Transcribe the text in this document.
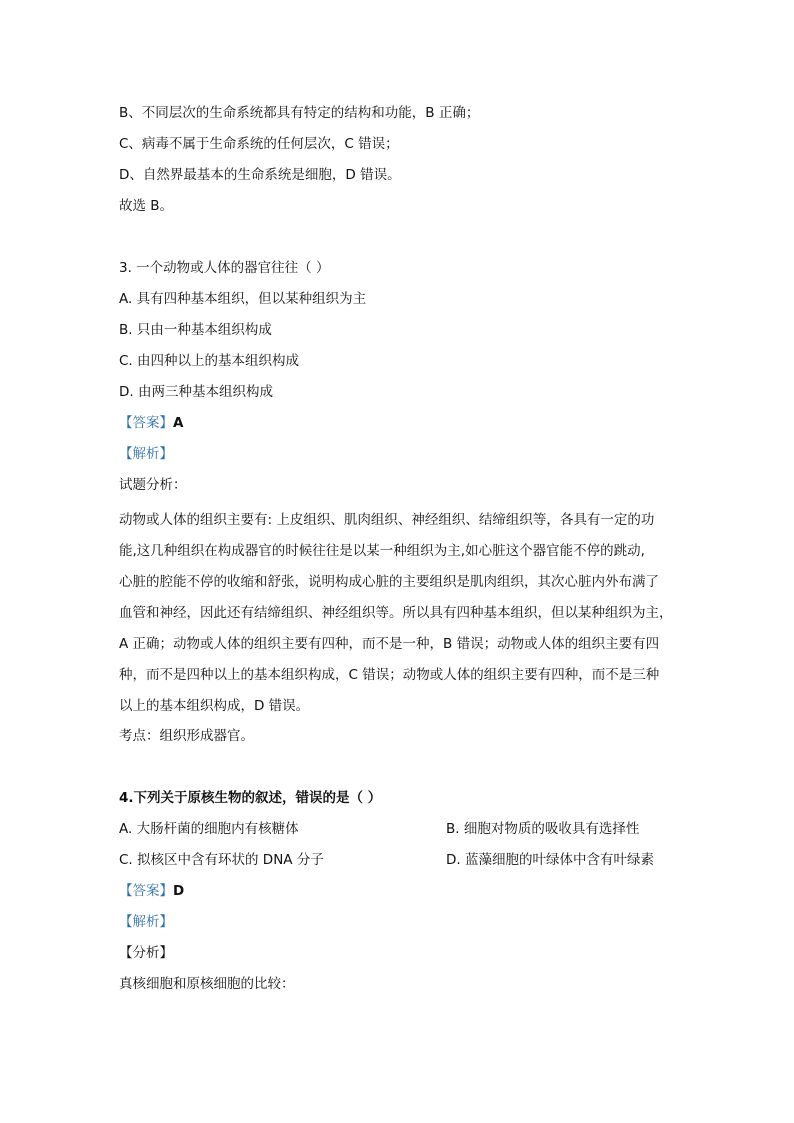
B、不同层次的生命系统都具有特定的结构和功能，B 正确；
C、病毒不属于生命系统的任何层次，C 错误；
D、自然界最基本的生命系统是细胞，D 错误。
故选 B。
3. 一个动物或人体的器官往往（ ）
A. 具有四种基本组织，但以某种组织为主
B. 只由一种基本组织构成
C. 由四种以上的基本组织构成
D. 由两三种基本组织构成
【答案】A
【解析】
试题分析：
动物或人体的组织主要有: 上皮组织、肌肉组织、神经组织、结缔组织等，各具有一定的功
能,这几种组织在构成器官的时候往往是以某一种组织为主,如心脏这个器官能不停的跳动,
心脏的腔能不停的收缩和舒张，说明构成心脏的主要组织是肌肉组织，其次心脏内外布满了
血管和神经，因此还有结缔组织、神经组织等。所以具有四种基本组织，但以某种组织为主，
A 正确；动物或人体的组织主要有四种，而不是一种，B 错误；动物或人体的组织主要有四
种，而不是四种以上的基本组织构成，C 错误；动物或人体的组织主要有四种，而不是三种
以上的基本组织构成，D 错误。
考点：组织形成器官。
4.下列关于原核生物的叙述，错误的是（ ）
A. 大肠杆菌的细胞内有核糖体	B. 细胞对物质的吸收具有选择性
C. 拟核区中含有环状的 DNA 分子	D. 蓝藻细胞的叶绿体中含有叶绿素
【答案】D
【解析】
【分析】
真核细胞和原核细胞的比较：
